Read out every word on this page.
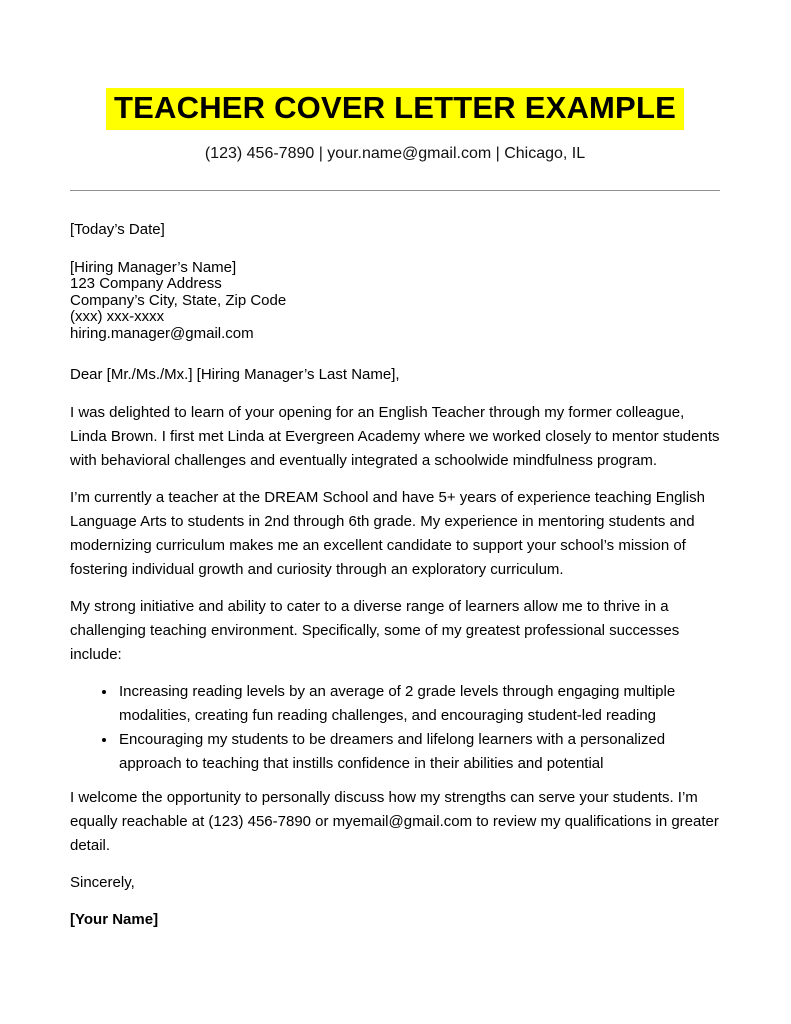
TEACHER COVER LETTER EXAMPLE
(123) 456-7890 | your.name@gmail.com | Chicago, IL

[Today’s Date]

[Hiring Manager’s Name]

123 Company Address

Company’s City, State, Zip Code

(xxx) xxx-xxxx

hiring.manager@gmail.com

Dear [Mr./Ms./Mx.] [Hiring Manager’s Last Name],

I was delighted to learn of your opening for an English Teacher through my former colleague, Linda Brown. I first met Linda at Evergreen Academy where we worked closely to mentor students with behavioral challenges and eventually integrated a schoolwide mindfulness program.

I’m currently a teacher at the DREAM School and have 5+ years of experience teaching English Language Arts to students in 2nd through 6th grade. My experience in mentoring students and modernizing curriculum makes me an excellent candidate to support your school’s mission of fostering individual growth and curiosity through an exploratory curriculum.

My strong initiative and ability to cater to a diverse range of learners allow me to thrive in a challenging teaching environment. Specifically, some of my greatest professional successes include:

• Increasing reading levels by an average of 2 grade levels through engaging multiple modalities, creating fun reading challenges, and encouraging student-led reading
• Encouraging my students to be dreamers and lifelong learners with a personalized approach to teaching that instills confidence in their abilities and potential

I welcome the opportunity to personally discuss how my strengths can serve your students. I’m equally reachable at (123) 456-7890 or myemail@gmail.com to review my qualifications in greater detail.

Sincerely,

[Your Name]
